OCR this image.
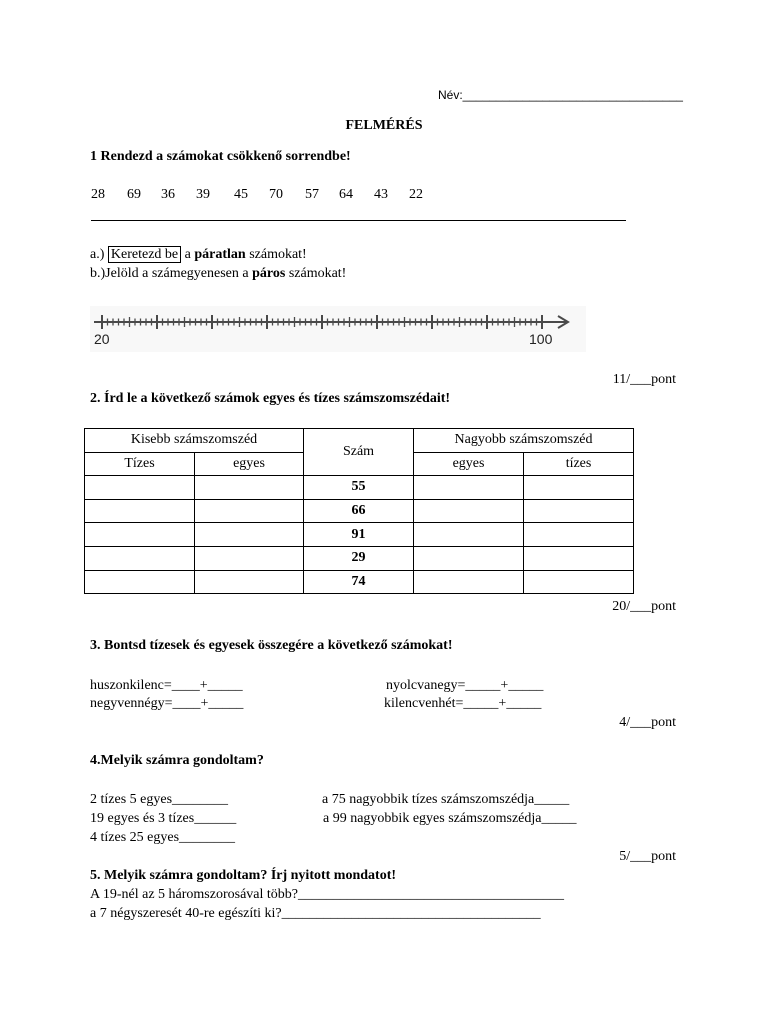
Név:_________________________________
FELMÉRÉS
1 Rendezd a számokat csökkenő sorrendbe!
28 69 36 39 45 70 57 64 43 22
a.) Keretezd be a páratlan számokat!
b.)Jelöld a számegyenesen a páros számokat!
20	100
11/___pont
2. Írd le a következő számok egyes és tízes számszomszédait!
Kisebb számszomszéd		Szám	Nagyobb számszomszéd	
Tízes	egyes		egyes	tízes
		55		
		66		
		91		
		29		
		74		
20/___pont
3. Bontsd tízesek és egyesek összegére a következő számokat!
huszonkilenc=____+_____
negyvennégy=____+_____
nyolcvanegy=_____+_____
kilencvenhét=_____+_____
4/___pont
4.Melyik számra gondoltam?
2 tízes 5 egyes________
19 egyes és 3 tízes______
4 tízes 25 egyes________
a 75 nagyobbik tízes számszomszédja_____
a 99 nagyobbik egyes számszomszédja_____
5/___pont
5. Melyik számra gondoltam? Írj nyitott mondatot!
A 19-nél az 5 háromszorosával több?______________________________________
a 7 négyszeresét 40-re egészíti ki?_____________________________________
